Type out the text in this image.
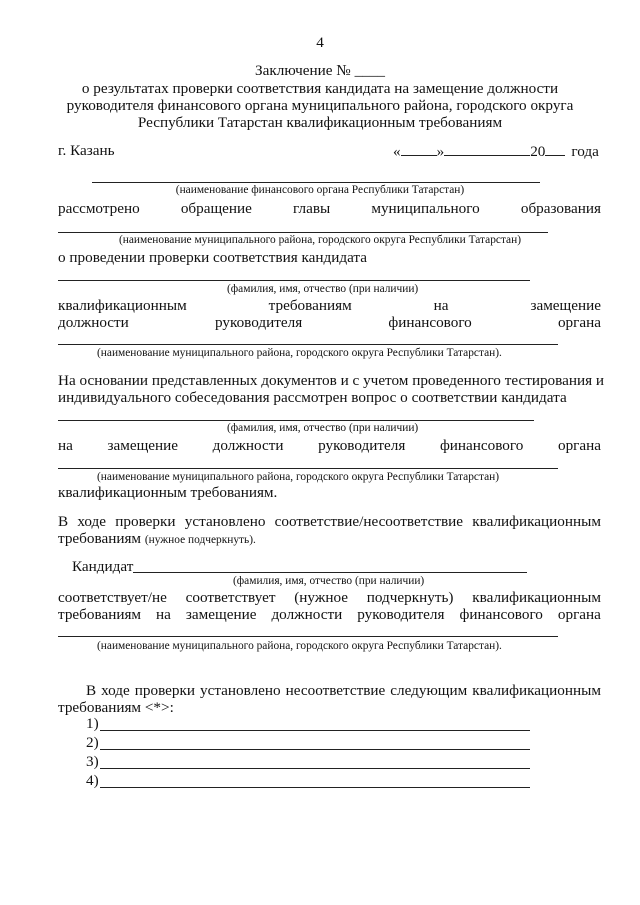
4
Заключение № ____
о результатах проверки соответствия кандидата на замещение должности
руководителя финансового органа муниципального района, городского округа
Республики Татарстан квалификационным требованиям
г. Казань	« »	20 года
(наименование финансового органа Республики Татарстан)
рассмотрено	обращение	главы	муниципального	образования
(наименование муниципального района, городского округа Республики Татарстан)
о проведении проверки соответствия кандидата
(фамилия, имя, отчество (при наличии)
квалификационным	требованиям	на	замещение
должности	руководителя	финансового	органа
(наименование муниципального района, городского округа Республики Татарстан).
На основании представленных документов и с учетом проведенного тестирования и
индивидуального собеседования рассмотрен вопрос о соответствии кандидата
(фамилия, имя, отчество (при наличии)
на замещение должности руководителя финансового органа
(наименование муниципального района, городского округа Республики Татарстан)
квалификационным требованиям.
В ходе проверки установлено соответствие/несоответствие квалификационным
требованиям (нужное подчеркнуть).
Кандидат
(фамилия, имя, отчество (при наличии)
соответствует/не соответствует (нужное подчеркнуть) квалификационным
требованиям на замещение должности руководителя финансового органа
(наименование муниципального района, городского округа Республики Татарстан).
В ходе проверки установлено несоответствие следующим квалификационным
требованиям <*>:
1)
2)
3)
4)
